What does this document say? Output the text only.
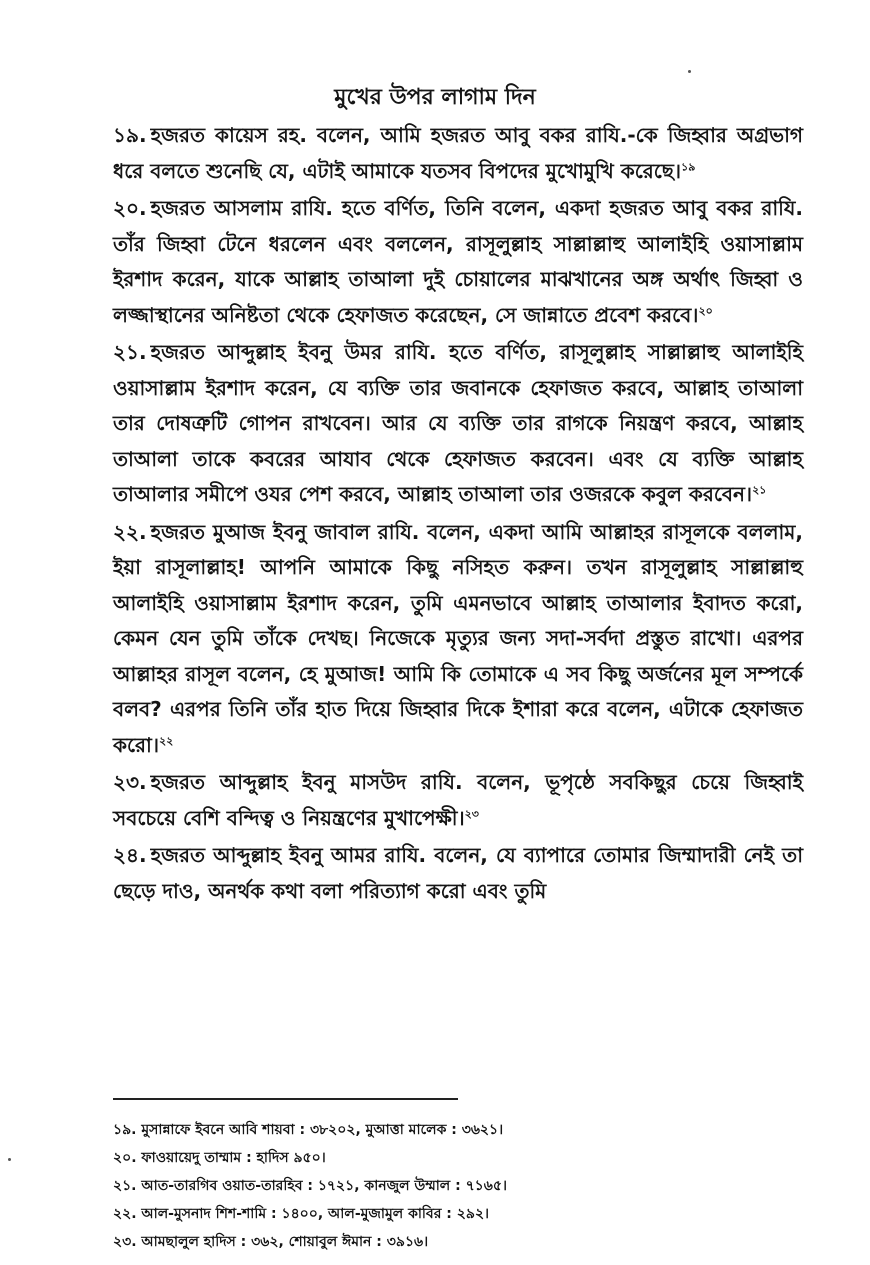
মুখের উপর লাগাম দিন

১৯. হজরত কায়েস রহ. বলেন, আমি হজরত আবু বকর রাযি.-কে জিহ্বার অগ্রভাগ ধরে বলতে শুনেছি যে, এটাই আমাকে যতসব বিপদের মুখোমুখি করেছে।$^{১৯}$

২০. হজরত আসলাম রাযি. হতে বর্ণিত, তিনি বলেন, একদা হজরত আবু বকর রাযি. তাঁর জিহ্বা টেনে ধরলেন এবং বললেন, রাসূলুল্লাহ সাল্লাল্লাহু আলাইহি ওয়াসাল্লাম ইরশাদ করেন, যাকে আল্লাহ তাআলা দুই চোয়ালের মাঝখানের অঙ্গ অর্থাৎ জিহ্বা ও লজ্জাস্থানের অনিষ্টতা থেকে হেফাজত করেছেন, সে জান্নাতে প্রবেশ করবে।$^{২০}$

২১. হজরত আব্দুল্লাহ ইবনু উমর রাযি. হতে বর্ণিত, রাসূলুল্লাহ সাল্লাল্লাহু আলাইহি ওয়াসাল্লাম ইরশাদ করেন, যে ব্যক্তি তার জবানকে হেফাজত করবে, আল্লাহ তাআলা তার দোষত্রুটি গোপন রাখবেন। আর যে ব্যক্তি তার রাগকে নিয়ন্ত্রণ করবে, আল্লাহ তাআলা তাকে কবরের আযাব থেকে হেফাজত করবেন। এবং যে ব্যক্তি আল্লাহ তাআলার সমীপে ওযর পেশ করবে, আল্লাহ তাআলা তার ওজরকে কবুল করবেন।$^{২১}$

২২. হজরত মুআজ ইবনু জাবাল রাযি. বলেন, একদা আমি আল্লাহর রাসূলকে বললাম, ইয়া রাসূলাল্লাহ! আপনি আমাকে কিছু নসিহত করুন। তখন রাসূলুল্লাহ সাল্লাল্লাহু আলাইহি ওয়াসাল্লাম ইরশাদ করেন, তুমি এমনভাবে আল্লাহ তাআলার ইবাদত করো, কেমন যেন তুমি তাঁকে দেখছ। নিজেকে মৃত্যুর জন্য সদা-সর্বদা প্রস্তুত রাখো। এরপর আল্লাহর রাসূল বলেন, হে মুআজ! আমি কি তোমাকে এ সব কিছু অর্জনের মূল সম্পর্কে বলব? এরপর তিনি তাঁর হাত দিয়ে জিহ্বার দিকে ইশারা করে বলেন, এটাকে হেফাজত করো।$^{২২}$

২৩. হজরত আব্দুল্লাহ ইবনু মাসউদ রাযি. বলেন, ভূপৃষ্ঠে সবকিছুর চেয়ে জিহ্বাই সবচেয়ে বেশি বন্দিত্ব ও নিয়ন্ত্রণের মুখাপেক্ষী।$^{২৩}$

২৪. হজরত আব্দুল্লাহ ইবনু আমর রাযি. বলেন, যে ব্যাপারে তোমার জিম্মাদারী নেই তা ছেড়ে দাও, অনর্থক কথা বলা পরিত্যাগ করো এবং তুমি

১৯. মুসান্নাফে ইবনে আবি শায়বা : ৩৮২০২, মুআত্তা মালেক : ৩৬২১।
২০. ফাওয়ায়েদু তাম্মাম : হাদিস ৯৫০।
২১. আত-তারগিব ওয়াত-তারহিব : ১৭২১, কানজুল উম্মাল : ৭১৬৫।
২২. আল-মুসনাদ শিশ-শামি : ১৪০০, আল-মুজামুল কাবির : ২৯২।
২৩. আমছালুল হাদিস : ৩৬২, শোয়াবুল ঈমান : ৩৯১৬।
